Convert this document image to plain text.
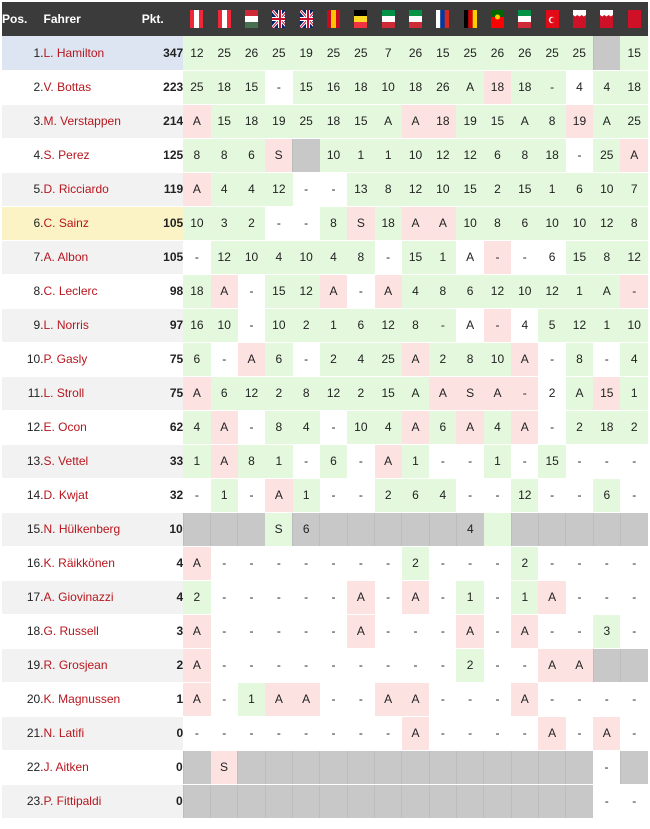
Pos.	Fahrer	Pkt.																	
1.	L. Hamilton	347	12	25	26	25	19	25	25	7	26	15	25	26	26	25	25		15
2.	V. Bottas	223	25	18	15	-	15	16	18	10	18	26	A	18	18	-	4	4	18
3.	M. Verstappen	214	A	15	18	19	25	18	15	A	A	18	19	15	A	8	19	A	25
4.	S. Perez	125	8	8	6	S		10	1	1	10	12	12	6	8	18	-	25	A
5.	D. Ricciardo	119	A	4	4	12	-	-	13	8	12	10	15	2	15	1	6	10	7
6.	C. Sainz	105	10	3	2	-	-	8	S	18	A	A	10	8	6	10	10	12	8
7.	A. Albon	105	-	12	10	4	10	4	8	-	15	1	A	-	-	6	15	8	12
8.	C. Leclerc	98	18	A	-	15	12	A	-	A	4	8	6	12	10	12	1	A	-
9.	L. Norris	97	16	10	-	10	2	1	6	12	8	-	A	-	4	5	12	1	10
10.	P. Gasly	75	6	-	A	6	-	2	4	25	A	2	8	10	A	-	8	-	4
11.	L. Stroll	75	A	6	12	2	8	12	2	15	A	A	S	A	-	2	A	15	1
12.	E. Ocon	62	4	A	-	8	4	-	10	4	A	6	A	4	A	-	2	18	2
13.	S. Vettel	33	1	A	8	1	-	6	-	A	1	-	-	1	-	15	-	-	-
14.	D. Kwjat	32	-	1	-	A	1	-	-	2	6	4	-	-	12	-	-	6	-
15.	N. Hülkenberg	10				S	6						4						
16.	K. Räikkönen	4	A	-	-	-	-	-	-	-	2	-	-	-	2	-	-	-	-
17.	A. Giovinazzi	4	2	-	-	-	-	-	A	-	A	-	1	-	1	A	-	-	-
18.	G. Russell	3	A	-	-	-	-	-	A	-	-	-	A	-	A	-	-	3	-
19.	R. Grosjean	2	A	-	-	-	-	-	-	-	-	-	2	-	-	A	A		
20.	K. Magnussen	1	A	-	1	A	A	-	-	A	A	-	-	-	A	-	-	-	-
21.	N. Latifi	0	-	-	-	-	-	-	-	-	A	-	-	-	-	A	-	A	-
22.	J. Aitken	0		S														-	
23.	P. Fittipaldi	0																-	-
